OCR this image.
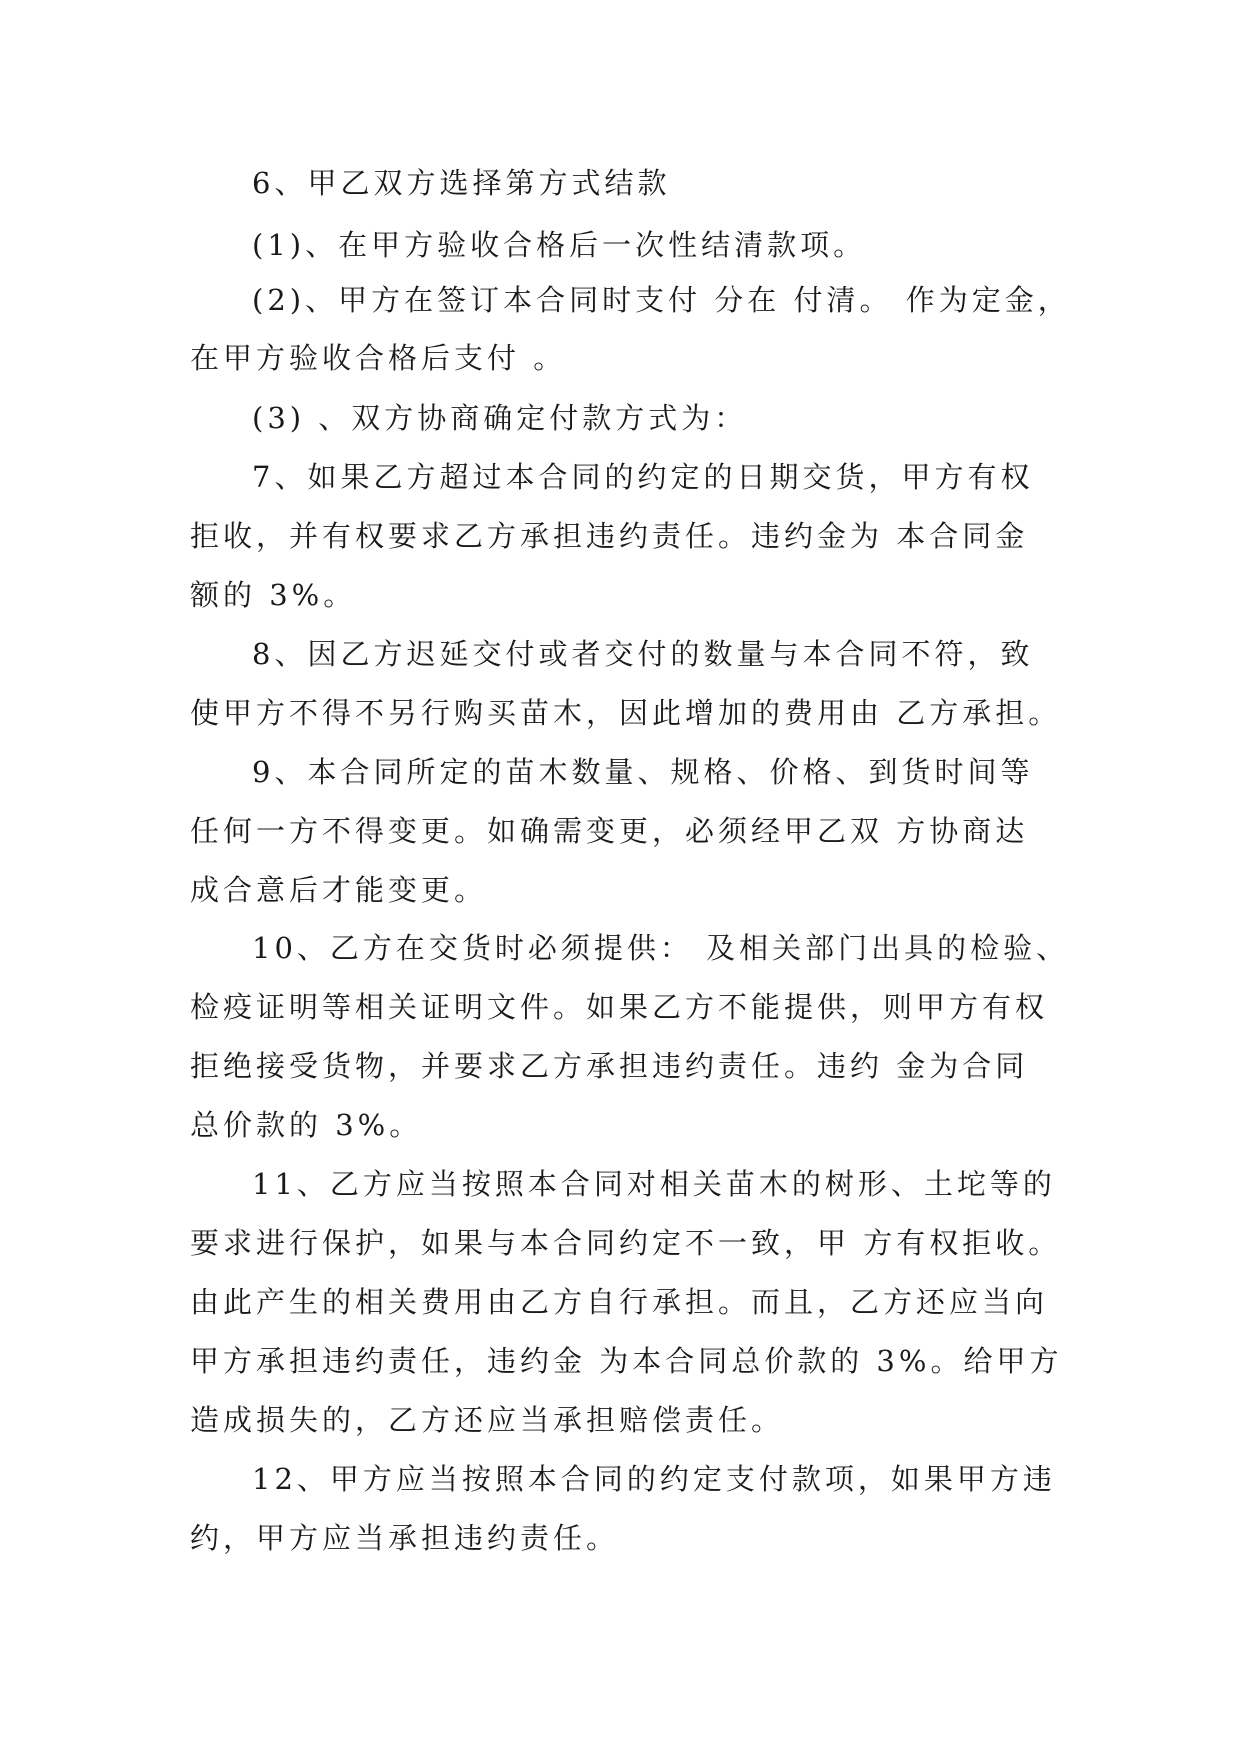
6、甲乙双方选择第方式结款

(1)、在甲方验收合格后一次性结清款项。

(2)、甲方在签订本合同时支付 分在 付清。 作为定金，

在甲方验收合格后支付 。

(3) 、双方协商确定付款方式为：

7、如果乙方超过本合同的约定的日期交货，甲方有权

拒收，并有权要求乙方承担违约责任。违约金为 本合同金

额的 3%。

8、因乙方迟延交付或者交付的数量与本合同不符，致

使甲方不得不另行购买苗木，因此增加的费用由 乙方承担。

9、本合同所定的苗木数量、规格、价格、到货时间等

任何一方不得变更。如确需变更，必须经甲乙双 方协商达

成合意后才能变更。

10、乙方在交货时必须提供： 及相关部门出具的检验、

检疫证明等相关证明文件。如果乙方不能提供，则甲方有权

拒绝接受货物，并要求乙方承担违约责任。违约 金为合同

总价款的 3%。

11、乙方应当按照本合同对相关苗木的树形、土坨等的

要求进行保护，如果与本合同约定不一致，甲 方有权拒收。

由此产生的相关费用由乙方自行承担。而且，乙方还应当向

甲方承担违约责任，违约金 为本合同总价款的 3%。给甲方

造成损失的，乙方还应当承担赔偿责任。

12、甲方应当按照本合同的约定支付款项，如果甲方违

约，甲方应当承担违约责任。
